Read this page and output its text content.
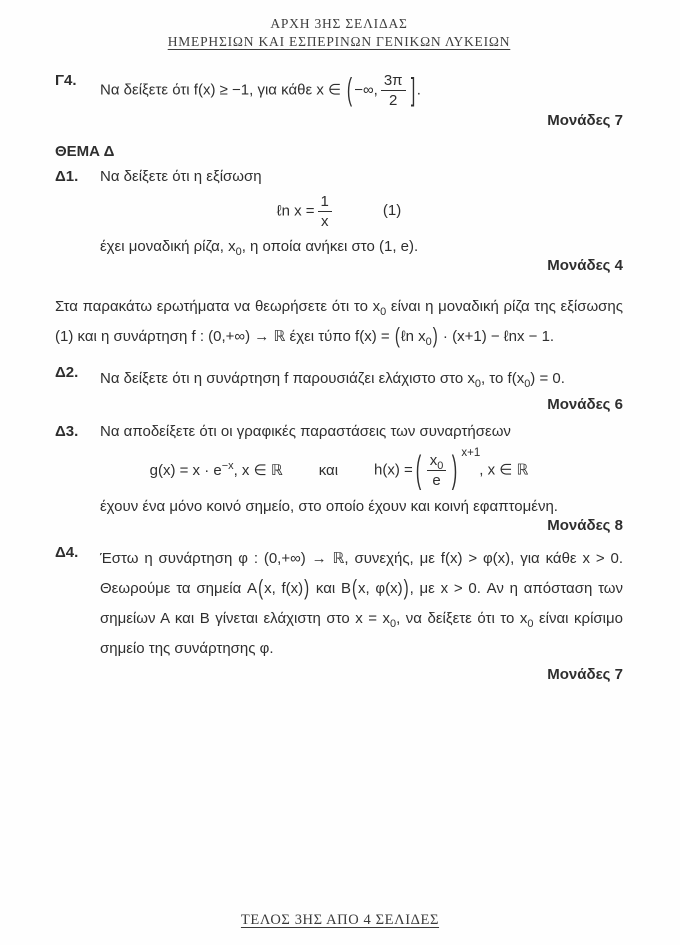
ΑΡΧΗ 3ΗΣ ΣΕΛΙΔΑΣ
ΗΜΕΡΗΣΙΩΝ ΚΑΙ ΕΣΠΕΡΙΝΩΝ ΓΕΝΙΚΩΝ ΛΥΚΕΙΩΝ
Γ4.
Να δείξετε ότι f(x) ≥ −1, για κάθε x ∈ ( −∞, $\frac{3\pi}{2}$ ] .
Μονάδες 7
ΘΕΜΑ Δ
Δ1.	Να δείξετε ότι η εξίσωση
ℓn $x = \frac{1}{x}$	(1)
έχει μοναδική ρίζα, $x_0$, η οποία ανήκει στο (1, e).
Μονάδες 4
Στα παρακάτω ερωτήματα να θεωρήσετε ότι το $x_0$ είναι η μοναδική ρίζα της εξίσωσης (1) και η συνάρτηση f : (0,+∞) → ℝ έχει τύπο f(x) = (ℓn $x_0) \cdot (x+1)$ − ℓnx − 1.
Δ2.	Να δείξετε ότι η συνάρτηση f παρουσιάζει ελάχιστο στο $x_0$, το $f(x_0) = 0$.
Μονάδες 6
Δ3.	Να αποδείξετε ότι οι γραφικές παραστάσεις των συναρτήσεων
$g(x) = x \cdot e^{-x}$, x ∈ ℝ και h(x) = ( $\frac{x_0}{e}$ ) $^{x+1}$, x ∈ ℝ
έχουν ένα μόνο κοινό σημείο, στο οποίο έχουν και κοινή εφαπτομένη.
Μονάδες 8
Δ4.	Έστω η συνάρτηση φ : (0,+∞) → ℝ, συνεχής, με f(x) > φ(x), για κάθε x > 0. Θεωρούμε τα σημεία A(x, f(x)) και B(x, φ(x)), με x > 0. Αν η απόσταση των σημείων Α και Β γίνεται ελάχιστη στο $x = x_0$, να δείξετε ότι το $x_0$ είναι κρίσιμο σημείο της συνάρτησης φ.
Μονάδες 7
ΤΕΛΟΣ 3ΗΣ ΑΠΟ 4 ΣΕΛΙΔΕΣ
